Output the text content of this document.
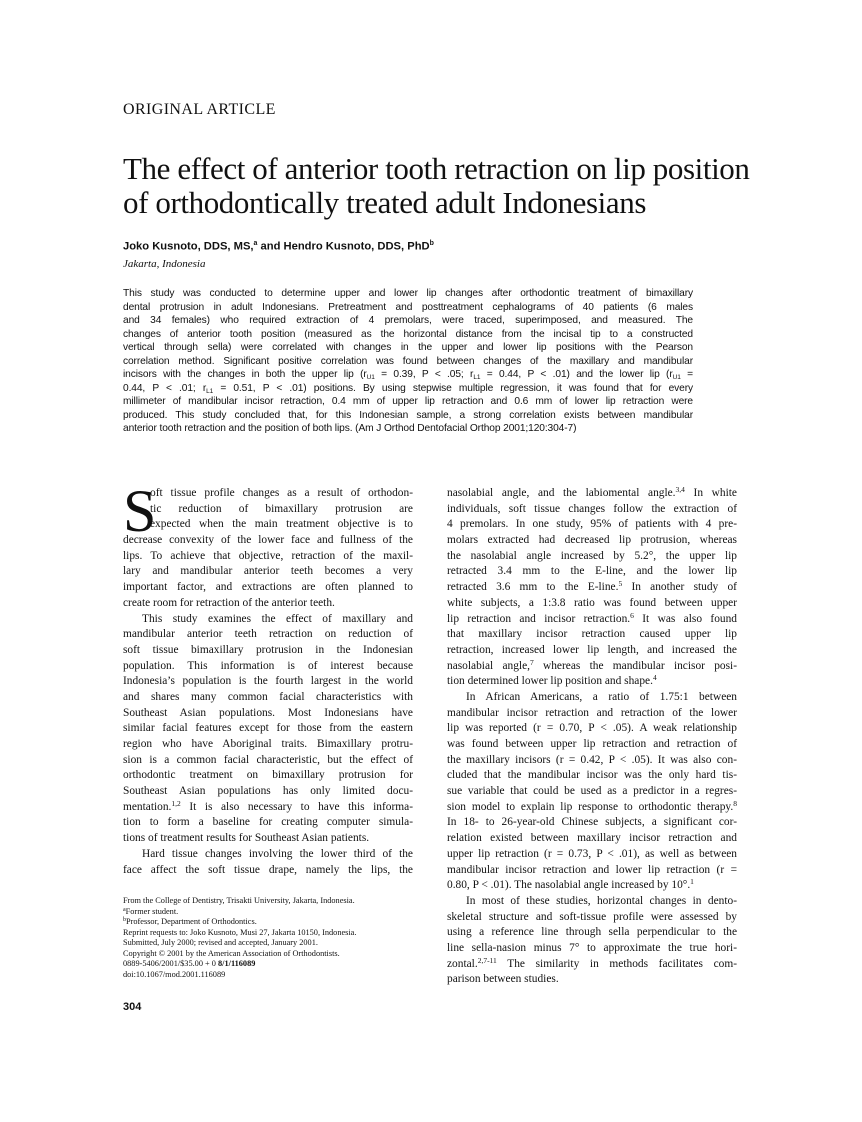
ORIGINAL ARTICLE
The effect of anterior tooth retraction on lip position
of orthodontically treated adult Indonesians
Joko Kusnoto, DDS, MS,$^a$ and Hendro Kusnoto, DDS, PhD$^b$
Jakarta, Indonesia
This study was conducted to determine upper and lower lip changes after orthodontic treatment of bimaxillary
dental protrusion in adult Indonesians. Pretreatment and posttreatment cephalograms of 40 patients (6 males
and 34 females) who required extraction of 4 premolars, were traced, superimposed, and measured. The
changes of anterior tooth position (measured as the horizontal distance from the incisal tip to a constructed
vertical through sella) were correlated with changes in the upper and lower lip positions with the Pearson
correlation method. Significant positive correlation was found between changes of the maxillary and mandibular
incisors with the changes in both the upper lip ($r_{U1} = 0.39$, P < .05; $r_{L1} = 0.44$, P < .01) and the lower lip ($r_{U1}$ =
0.44, P < .01; $r_{L1} = 0.51$, P < .01) positions. By using stepwise multiple regression, it was found that for every
millimeter of mandibular incisor retraction, 0.4 mm of upper lip retraction and 0.6 mm of lower lip retraction were
produced. This study concluded that, for this Indonesian sample, a strong correlation exists between mandibular
anterior tooth retraction and the position of both lips. (Am J Orthod Dentofacial Orthop 2001;120:304-7)
S
oft tissue profile changes as a result of orthodon-
tic reduction of bimaxillary protrusion are
expected when the main treatment objective is to
decrease convexity of the lower face and fullness of the
lips. To achieve that objective, retraction of the maxil-
lary and mandibular anterior teeth becomes a very
important factor, and extractions are often planned to
create room for retraction of the anterior teeth.
This study examines the effect of maxillary and
mandibular anterior teeth retraction on reduction of
soft tissue bimaxillary protrusion in the Indonesian
population. This information is of interest because
Indonesia’s population is the fourth largest in the world
and shares many common facial characteristics with
Southeast Asian populations. Most Indonesians have
similar facial features except for those from the eastern
region who have Aboriginal traits. Bimaxillary protru-
sion is a common facial characteristic, but the effect of
orthodontic treatment on bimaxillary protrusion for
Southeast Asian populations has only limited docu-
mentation.$^{1,2}$ It is also necessary to have this informa-
tion to form a baseline for creating computer simula-
tions of treatment results for Southeast Asian patients.
Hard tissue changes involving the lower third of the
face affect the soft tissue drape, namely the lips, the
nasolabial angle, and the labiomental angle.$^{3,4}$ In white
individuals, soft tissue changes follow the extraction of
4 premolars. In one study, 95% of patients with 4 pre-
molars extracted had decreased lip protrusion, whereas
the nasolabial angle increased by 5.2°, the upper lip
retracted 3.4 mm to the E-line, and the lower lip
retracted 3.6 mm to the E-line.$^5$ In another study of
white subjects, a 1:3.8 ratio was found between upper
lip retraction and incisor retraction.$^6$ It was also found
that maxillary incisor retraction caused upper lip
retraction, increased lower lip length, and increased the
nasolabial angle,$^7$ whereas the mandibular incisor posi-
tion determined lower lip position and shape.$^4$
In African Americans, a ratio of 1.75:1 between
mandibular incisor retraction and retraction of the lower
lip was reported (r = 0.70, P < .05). A weak relationship
was found between upper lip retraction and retraction of
the maxillary incisors (r = 0.42, P < .05). It was also con-
cluded that the mandibular incisor was the only hard tis-
sue variable that could be used as a predictor in a regres-
sion model to explain lip response to orthodontic therapy.$^8$
In 18- to 26-year-old Chinese subjects, a significant cor-
relation existed between maxillary incisor retraction and
upper lip retraction (r = 0.73, P < .01), as well as between
mandibular incisor retraction and lower lip retraction (r =
0.80, P < .01). The nasolabial angle increased by 10°.$^1$
In most of these studies, horizontal changes in dento-
skeletal structure and soft-tissue profile were assessed by
using a reference line through sella perpendicular to the
line sella-nasion minus 7° to approximate the true hori-
zontal.$^{2,7-11}$ The similarity in methods facilitates com-
parison between studies.
From the College of Dentistry, Trisakti University, Jakarta, Indonesia.
$^a$Former student.
$^b$Professor, Department of Orthodontics.
Reprint requests to: Joko Kusnoto, Musi 27, Jakarta 10150, Indonesia.
Submitted, July 2000; revised and accepted, January 2001.
Copyright © 2001 by the American Association of Orthodontists.
0889-5406/2001/$35.00 + 0 8/1/116089
doi:10.1067/mod.2001.116089
304
